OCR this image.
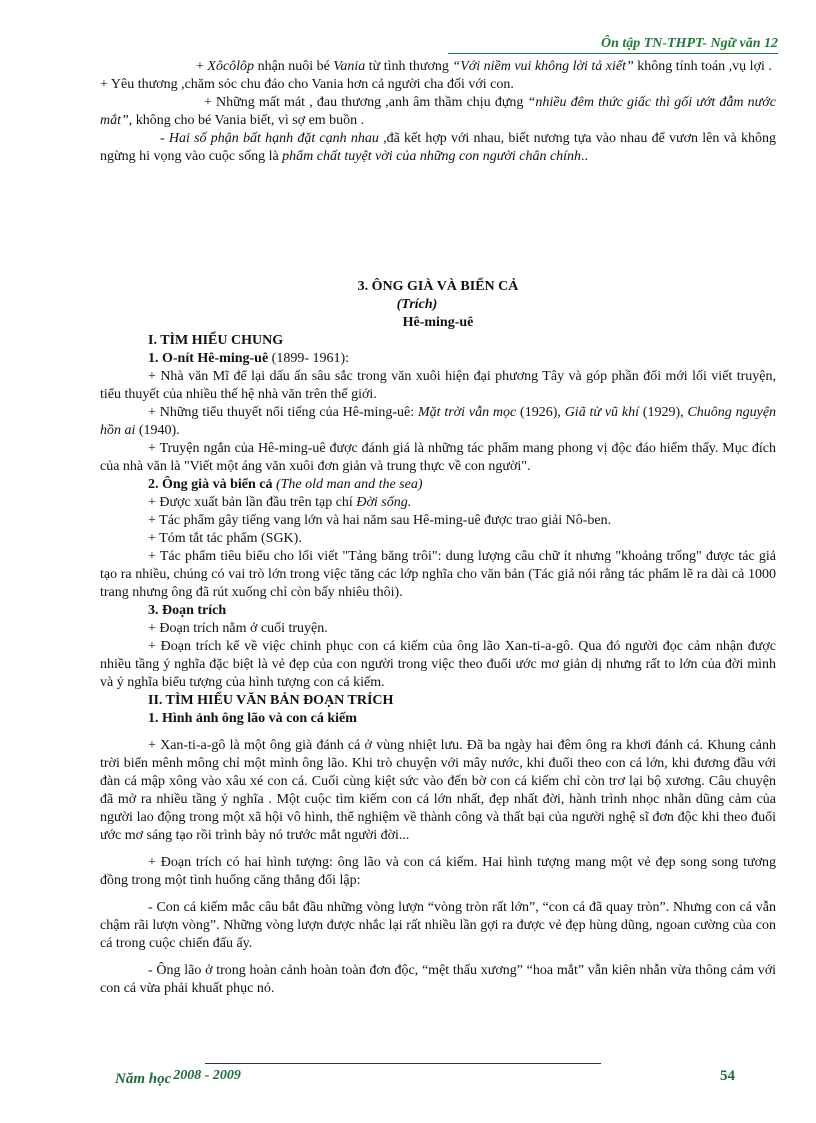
Ôn tập TN-THPT- Ngữ văn 12

+ Xôcôlôp nhận nuôi bé Vania từ tình thương “Với niềm vui không lời tả xiết” không tính toán ,vụ lợi .

+ Yêu thương ,chăm sóc chu đáo cho Vania hơn cả người cha đối với con.

+ Những mất mát , đau thương ,anh âm thầm chịu đựng “nhiều đêm thức giấc thì gối ướt đẫm nước mắt”, không cho bé Vania biết, vì sợ em buồn .

- Hai số phận bất hạnh đặt cạnh nhau ,đã kết hợp với nhau, biết nương tựa vào nhau để vươn lên và không ngừng hi vọng vào cuộc sống là phẩm chất tuyệt vời của những con người chân chính..

3. ÔNG GIÀ VÀ BIỂN CẢ
(Trích)
Hê-ming-uê

I. TÌM HIỂU CHUNG

1. O-nít Hê-ming-uê (1899- 1961):

+ Nhà văn Mĩ để lại dấu ấn sâu sắc trong văn xuôi hiện đại phương Tây và góp phần đổi mới lối viết truyện, tiểu thuyết của nhiều thế hệ nhà văn trên thế giới.

+ Những tiểu thuyết nổi tiếng của Hê-ming-uê: Mặt trời vẫn mọc (1926), Giã từ vũ khí (1929), Chuông nguyện hồn ai (1940).

+ Truyện ngắn của Hê-ming-uê được đánh giá là những tác phẩm mang phong vị độc đáo hiếm thấy. Mục đích của nhà văn là "Viết một áng văn xuôi đơn giản và trung thực về con người".

2. Ông già và biển cả (The old man and the sea)

+ Được xuất bản lần đầu trên tạp chí Đời sống.

+ Tác phẩm gây tiếng vang lớn và hai năm sau Hê-ming-uê được trao giải Nô-ben.

+ Tóm tắt tác phẩm (SGK).

+ Tác phẩm tiêu biểu cho lối viết "Tảng băng trôi": dung lượng câu chữ ít nhưng "khoảng trống" được tác giả tạo ra nhiều, chúng có vai trò lớn trong việc tăng các lớp nghĩa cho văn bản (Tác giả nói rằng tác phẩm lẽ ra dài cả 1000 trang nhưng ông đã rút xuống chỉ còn bấy nhiêu thôi).

3. Đoạn trích

+ Đoạn trích nằm ở cuối truyện.

+ Đoạn trích kể về việc chinh phục con cá kiếm của ông lão Xan-ti-a-gô. Qua đó người đọc cảm nhận được nhiều tầng ý nghĩa đặc biệt là vẻ đẹp của con người trong việc theo đuổi ước mơ giản dị nhưng rất to lớn của đời mình và ý nghĩa biểu tượng của hình tượng con cá kiếm.

II. TÌM HIỂU VĂN BẢN ĐOẠN TRÍCH

1. Hình ảnh ông lão và con cá kiếm

+ Xan-ti-a-gô là một ông già đánh cá ở vùng nhiệt lưu. Đã ba ngày hai đêm ông ra khơi đánh cá. Khung cảnh trời biển mênh mông chỉ một mình ông lão. Khi trò chuyện với mây nước, khi đuổi theo con cá lớn, khi đương đầu với đàn cá mập xông vào xâu xé con cá. Cuối cùng kiệt sức vào đến bờ con cá kiếm chỉ còn trơ lại bộ xương. Câu chuyện đã mở ra nhiều tầng ý nghĩa . Một cuộc tìm kiếm con cá lớn nhất, đẹp nhất đời, hành trình nhọc nhằn dũng cảm của người lao động trong một xã hội vô hình, thể nghiệm về thành công và thất bại của người nghệ sĩ đơn độc khi theo đuổi ước mơ sáng tạo rồi trình bày nó trước mắt người đời...

+ Đoạn trích có hai hình tượng: ông lão và con cá kiếm. Hai hình tượng mang một vẻ đẹp song song tương đồng trong một tình huống căng thẳng đối lập:

- Con cá kiếm mắc câu bắt đầu những vòng lượn “vòng tròn rất lớn”, “con cá đã quay tròn”. Nhưng con cá vẫn chậm rãi lượn vòng”. Những vòng lượn được nhắc lại rất nhiều lần gợi ra được vẻ đẹp hùng dũng, ngoan cường của con cá trong cuộc chiến đấu ấy.

- Ông lão ở trong hoàn cảnh hoàn toàn đơn độc, “mệt thấu xương” “hoa mắt” vẫn kiên nhẫn vừa thông cảm với con cá vừa phải khuất phục nó.

Năm học 2008 - 2009	54
